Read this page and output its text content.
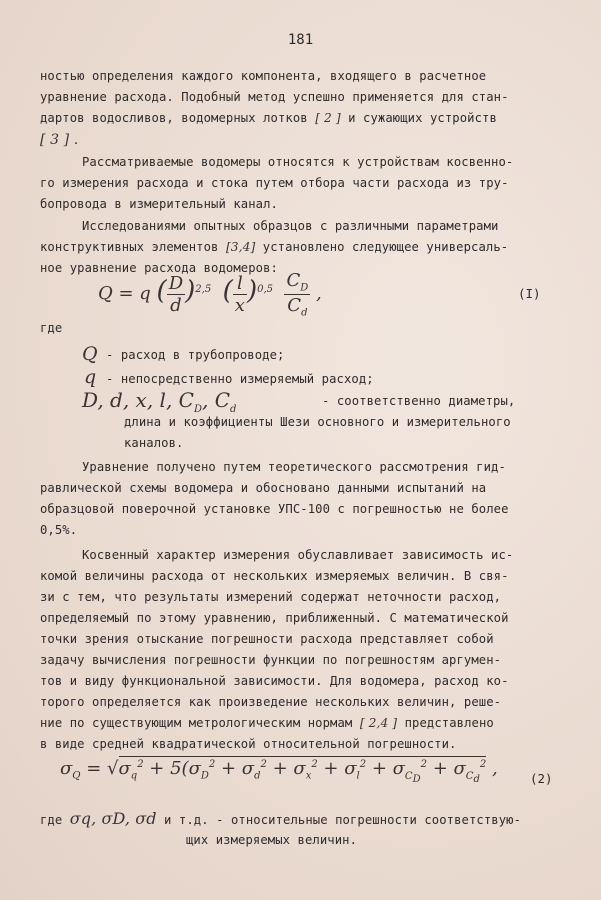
181
ностью определения каждого компонента, входящего в расчетное
уравнение расхода. Подобный метод успешно применяется для стан-
дартов водосливов, водомерных лотков [ 2 ] и сужающих устройств
[ 3 ] .
Рассматриваемые водомеры относятся к устройствам косвенно-
го измерения расхода и стока путем отбора части расхода из тру-
бопровода в измерительный канал.
Исследованиями опытных образцов с различными параметрами
конструктивных элементов [3,4] установлено следующее универсаль-
ное уравнение расхода водомеров:
Q = q ( $\frac{D}{d} )^{2,5}$ ( $\frac{l}{x} )^{0,5} \frac{C_D}{C_d}$ ,	(I)
где
Q - расход в трубопроводе;
q - непосредственно измеряемый расход;
D, d, x, l, $C_D$, $C_d$
- соответственно диаметры,
длина и коэффициенты Шези основного и измерительного
каналов.
Уравнение получено путем теоретического рассмотрения гид-
равлической схемы водомера и обоснованo данными испытаний на
образцовой поверочной установке УПС-100 с погрешностью не более
0,5%.
Косвенный характер измерения обуславливает зависимость ис-
комой величины расхода от нескольких измеряемых величин. В свя-
зи с тем, что результаты измерений содержат неточности расход,
определяемый по этому уравнению, приближенный. С математической
точки зрения отыскание погрешности расхода представляет собой
задачу вычисления погрешности функции по погрешностям аргумен-
тов и виду функциональной зависимости. Для водомера, расход ко-
торого определяется как произведение нескольких величин, реше-
ние по существующим метрологическим нормам [ 2,4 ] представлено
в виде средней квадратической относительной погрешности.
$\sigma_Q = √\sigma_q^2 + 5(\sigma_D^2 + \sigma_d^2 + \sigma_x^2 + \sigma_l^2 + \sigma_{C_D}^2 + \sigma_{C_d}^2$ ,	(2)
где σq, σD, σd и т.д. - относительные погрешности соответствую-
щих измеряемых величин.
